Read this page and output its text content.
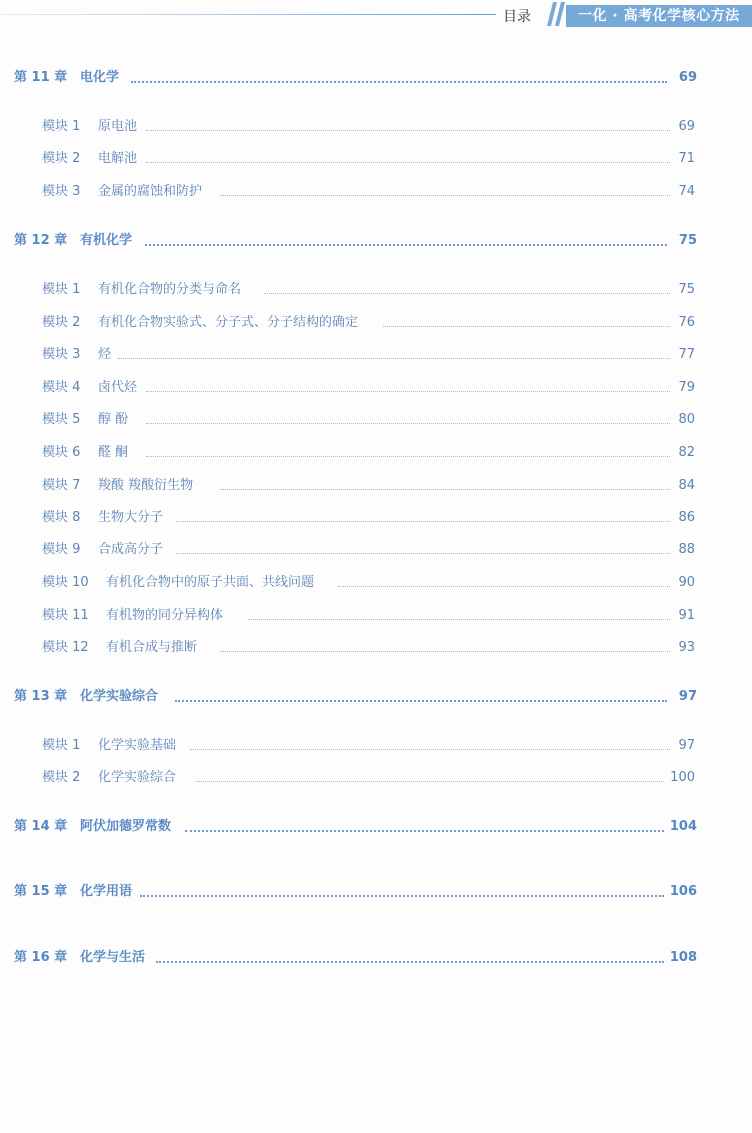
目录	一化 · 高考化学核心方法
第 11 章 电化学	69
模块 1 原电池	69
模块 2 电解池	71
模块 3 金属的腐蚀和防护	74
第 12 章 有机化学	75
模块 1 有机化合物的分类与命名	75
模块 2 有机化合物实验式、分子式、分子结构的确定	76
模块 3 烃	77
模块 4 卤代烃	79
模块 5 醇 酚	80
模块 6 醛 酮	82
模块 7 羧酸 羧酸衍生物	84
模块 8 生物大分子	86
模块 9 合成高分子	88
模块 10 有机化合物中的原子共面、共线问题	90
模块 11 有机物的同分异构体	91
模块 12 有机合成与推断	93
第 13 章 化学实验综合	97
模块 1 化学实验基础	97
模块 2 化学实验综合	100
第 14 章 阿伏加德罗常数	104
第 15 章 化学用语	106
第 16 章 化学与生活	108
